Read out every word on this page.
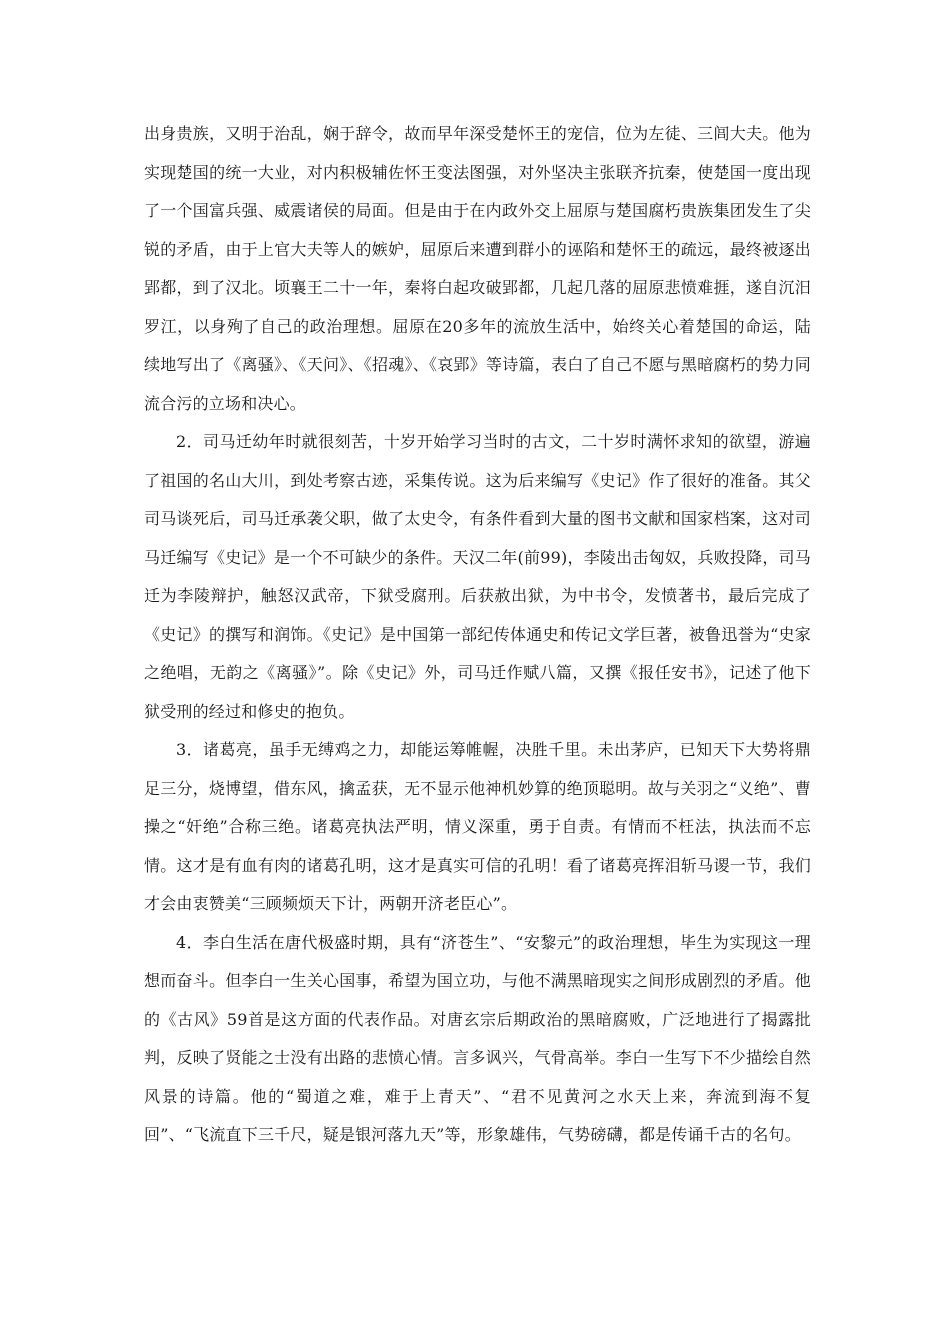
出身贵族，又明于治乱，娴于辞令，故而早年深受楚怀王的宠信，位为左徒、三闾大夫。他为实现楚国的统一大业，对内积极辅佐怀王变法图强，对外坚决主张联齐抗秦，使楚国一度出现了一个国富兵强、威震诸侯的局面。但是由于在内政外交上屈原与楚国腐朽贵族集团发生了尖锐的矛盾，由于上官大夫等人的嫉妒，屈原后来遭到群小的诬陷和楚怀王的疏远，最终被逐出郢都，到了汉北。顷襄王二十一年，秦将白起攻破郢都，几起几落的屈原悲愤难捱，遂自沉汨罗江，以身殉了自己的政治理想。屈原在20多年的流放生活中，始终关心着楚国的命运，陆续地写出了《离骚》、《天问》、《招魂》、《哀郢》等诗篇，表白了自己不愿与黑暗腐朽的势力同流合污的立场和决心。

2．司马迁幼年时就很刻苦，十岁开始学习当时的古文，二十岁时满怀求知的欲望，游遍了祖国的名山大川，到处考察古迹，采集传说。这为后来编写《史记》作了很好的准备。其父司马谈死后，司马迁承袭父职，做了太史令，有条件看到大量的图书文献和国家档案，这对司马迁编写《史记》是一个不可缺少的条件。天汉二年(前99)，李陵出击匈奴，兵败投降，司马迁为李陵辩护，触怒汉武帝，下狱受腐刑。后获赦出狱，为中书令，发愤著书，最后完成了《史记》的撰写和润饰。《史记》是中国第一部纪传体通史和传记文学巨著，被鲁迅誉为“史家之绝唱，无韵之《离骚》”。除《史记》外，司马迁作赋八篇，又撰《报任安书》，记述了他下狱受刑的经过和修史的抱负。

3．诸葛亮，虽手无缚鸡之力，却能运筹帷幄，决胜千里。未出茅庐，已知天下大势将鼎足三分，烧博望，借东风，擒孟获，无不显示他神机妙算的绝顶聪明。故与关羽之“义绝”、曹操之“奸绝”合称三绝。诸葛亮执法严明，情义深重，勇于自责。有情而不枉法，执法而不忘情。这才是有血有肉的诸葛孔明，这才是真实可信的孔明！看了诸葛亮挥泪斩马谡一节，我们才会由衷赞美“三顾频烦天下计，两朝开济老臣心”。

4．李白生活在唐代极盛时期，具有“济苍生”、“安黎元”的政治理想，毕生为实现这一理想而奋斗。但李白一生关心国事，希望为国立功，与他不满黑暗现实之间形成剧烈的矛盾。他的《古风》59首是这方面的代表作品。对唐玄宗后期政治的黑暗腐败，广泛地进行了揭露批判，反映了贤能之士没有出路的悲愤心情。言多讽兴，气骨高举。李白一生写下不少描绘自然风景的诗篇。他的“蜀道之难，难于上青天”、“君不见黄河之水天上来，奔流到海不复回”、“飞流直下三千尺，疑是银河落九天”等，形象雄伟，气势磅礴，都是传诵千古的名句。
